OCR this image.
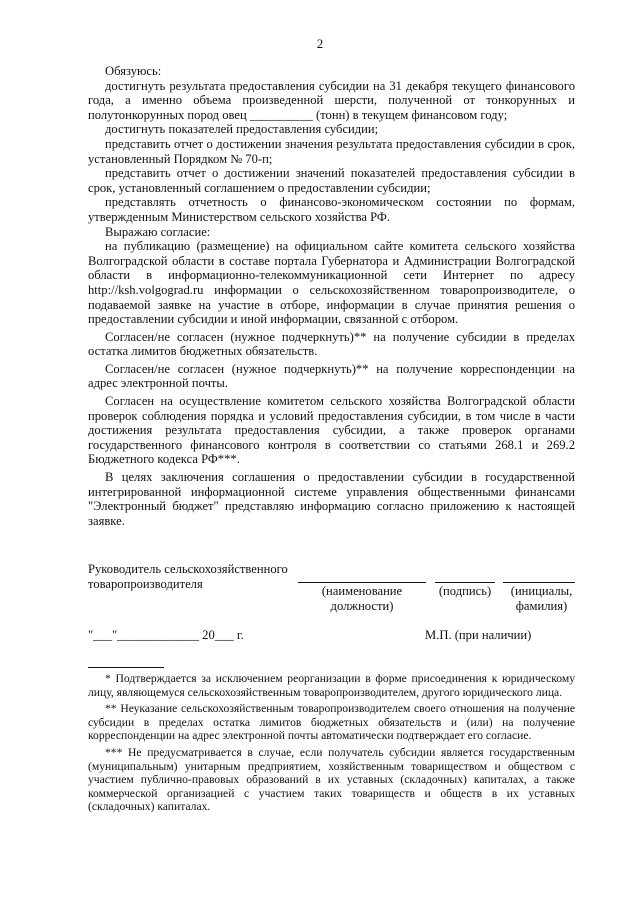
2

Обязуюсь:

достигнуть результата предоставления субсидии на 31 декабря текущего финансового года, а именно объема произведенной шерсти, полученной от тонкорунных и полутонкорунных пород овец __________ (тонн) в текущем финансовом году;

достигнуть показателей предоставления субсидии;

представить отчет о достижении значения результата предоставления субсидии в срок, установленный Порядком № 70-п;

представить отчет о достижении значений показателей предоставления субсидии в срок, установленный соглашением о предоставлении субсидии;

представлять отчетность о финансово-экономическом состоянии по формам, утвержденным Министерством сельского хозяйства РФ.

Выражаю согласие:

на публикацию (размещение) на официальном сайте комитета сельского хозяйства Волгоградской области в составе портала Губернатора и Администрации Волгоградской области в информационно-телекоммуникационной сети Интернет по адресу http://ksh.volgograd.ru информации о сельскохозяйственном товаропроизводителе, о подаваемой заявке на участие в отборе, информации в случае принятия решения о предоставлении субсидии и иной информации, связанной с отбором.

Согласен/не согласен (нужное подчеркнуть)** на получение субсидии в пределах остатка лимитов бюджетных обязательств.

Согласен/не согласен (нужное подчеркнуть)** на получение корреспонденции на адрес электронной почты.

Согласен на осуществление комитетом сельского хозяйства Волгоградской области проверок соблюдения порядка и условий предоставления субсидии, в том числе в части достижения результата предоставления субсидии, а также проверок органами государственного финансового контроля в соответствии со статьями 268.1 и 269.2 Бюджетного кодекса РФ***.

В целях заключения соглашения о предоставлении субсидии в государственной интегрированной информационной системе управления общественными финансами "Электронный бюджет" представляю информацию согласно приложению к настоящей заявке.

Руководитель сельскохозяйственного товаропроизводителя
(наименование должности)
(подпись)	(инициалы, фамилия)
"___"_____________ 20___ г.	М.П. (при наличии)

* Подтверждается за исключением реорганизации в форме присоединения к юридическому лицу, являющемуся сельскохозяйственным товаропроизводителем, другого юридического лица.

** Неуказание сельскохозяйственным товаропроизводителем своего отношения на получение субсидии в пределах остатка лимитов бюджетных обязательств и (или) на получение корреспонденции на адрес электронной почты автоматически подтверждает его согласие.

*** Не предусматривается в случае, если получатель субсидии является государственным (муниципальным) унитарным предприятием, хозяйственным товариществом и обществом с участием публично-правовых образований в их уставных (складочных) капиталах, а также коммерческой организацией с участием таких товариществ и обществ в их уставных (складочных) капиталах.
